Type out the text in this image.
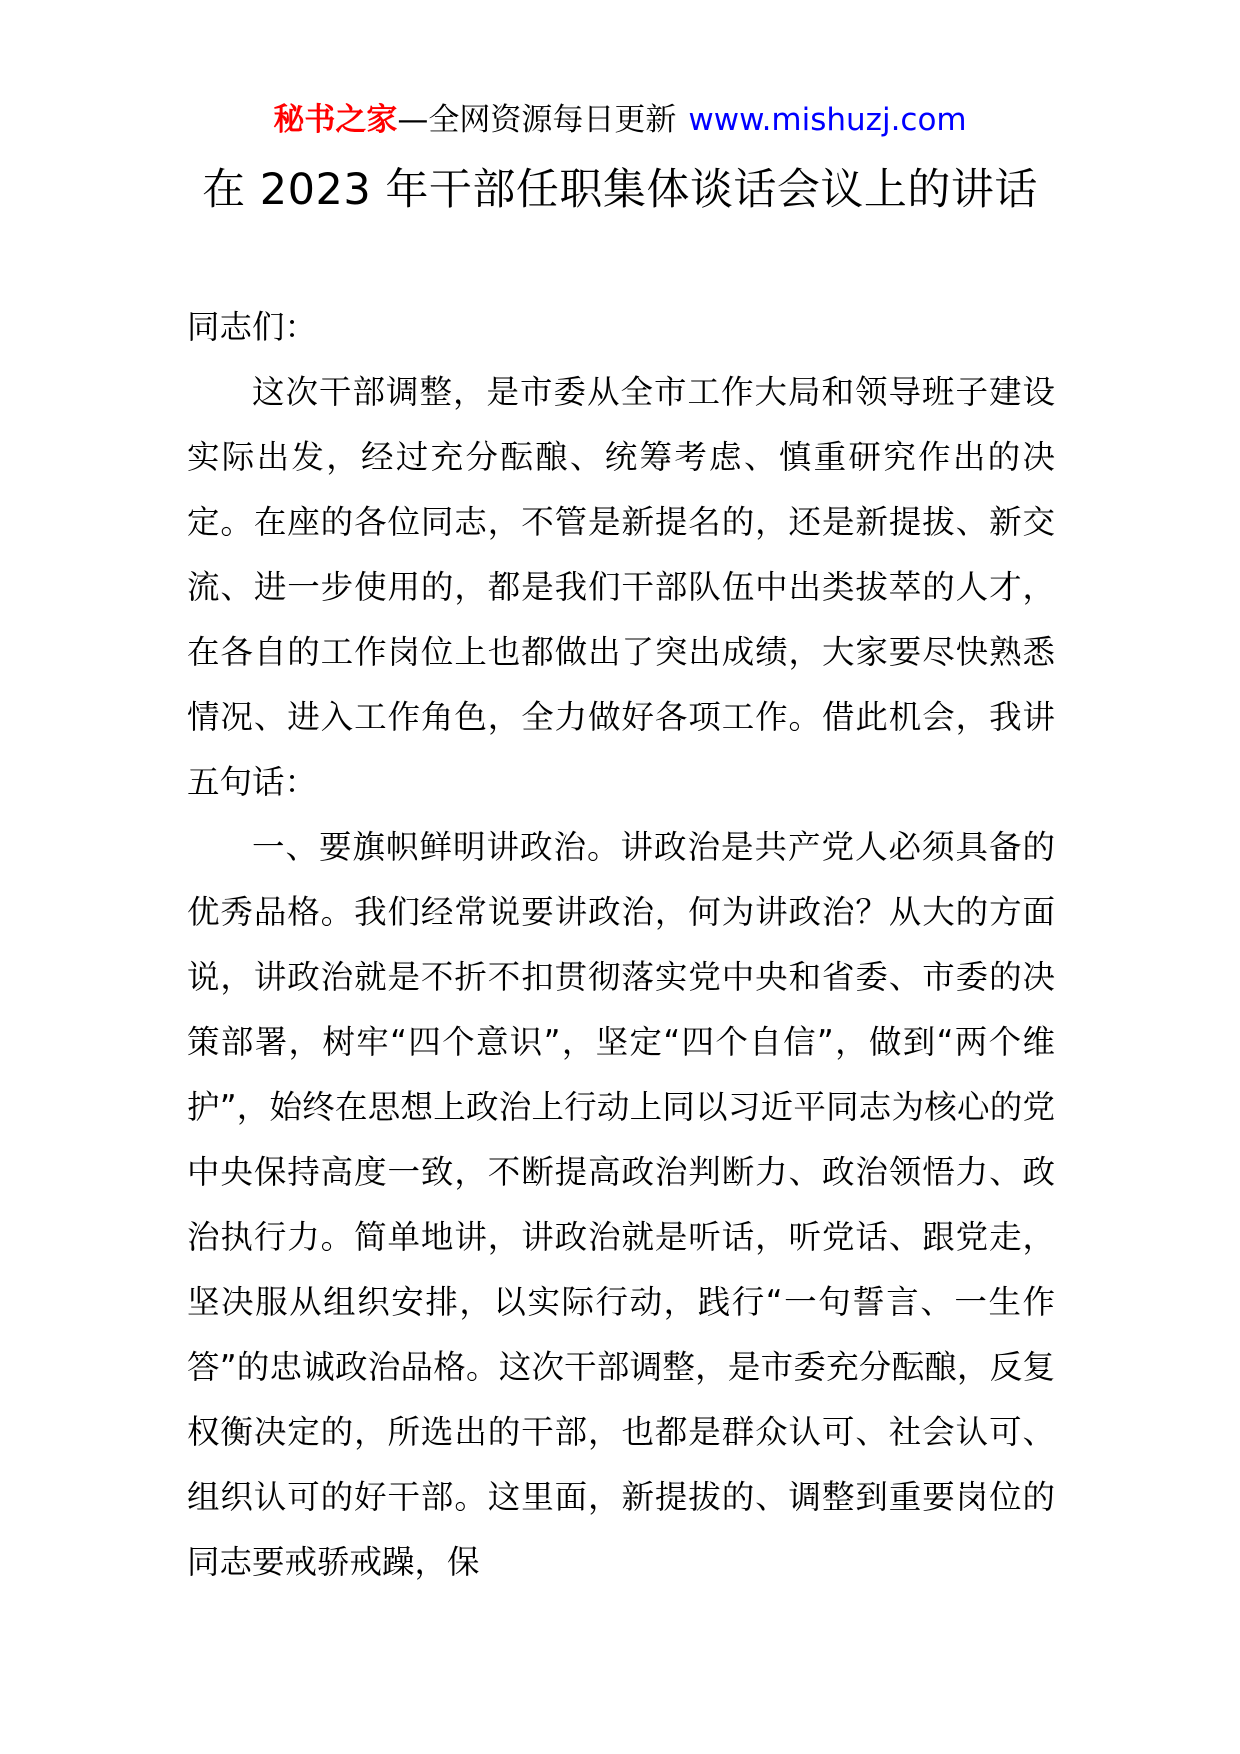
秘书之家—全网资源每日更新 www.mishuzj.com
在 2023 年干部任职集体谈话会议上的讲话

同志们：

这次干部调整，是市委从全市工作大局和领导班子建设实际出发，经过充分酝酿、统筹考虑、慎重研究作出的决定。在座的各位同志，不管是新提名的，还是新提拔、新交流、进一步使用的，都是我们干部队伍中出类拔萃的人才，在各自的工作岗位上也都做出了突出成绩，大家要尽快熟悉情况、进入工作角色，全力做好各项工作。借此机会，我讲五句话：

一、要旗帜鲜明讲政治。讲政治是共产党人必须具备的优秀品格。我们经常说要讲政治，何为讲政治？从大的方面说，讲政治就是不折不扣贯彻落实党中央和省委、市委的决策部署，树牢“四个意识”，坚定“四个自信”，做到“两个维护”，始终在思想上政治上行动上同以习近平同志为核心的党中央保持高度一致，不断提高政治判断力、政治领悟力、政治执行力。简单地讲，讲政治就是听话，听党话、跟党走，坚决服从组织安排，以实际行动，践行“一句誓言、一生作答”的忠诚政治品格。这次干部调整，是市委充分酝酿，反复权衡决定的，所选出的干部，也都是群众认可、社会认可、组织认可的好干部。这里面，新提拔的、调整到重要岗位的同志要戒骄戒躁，保
